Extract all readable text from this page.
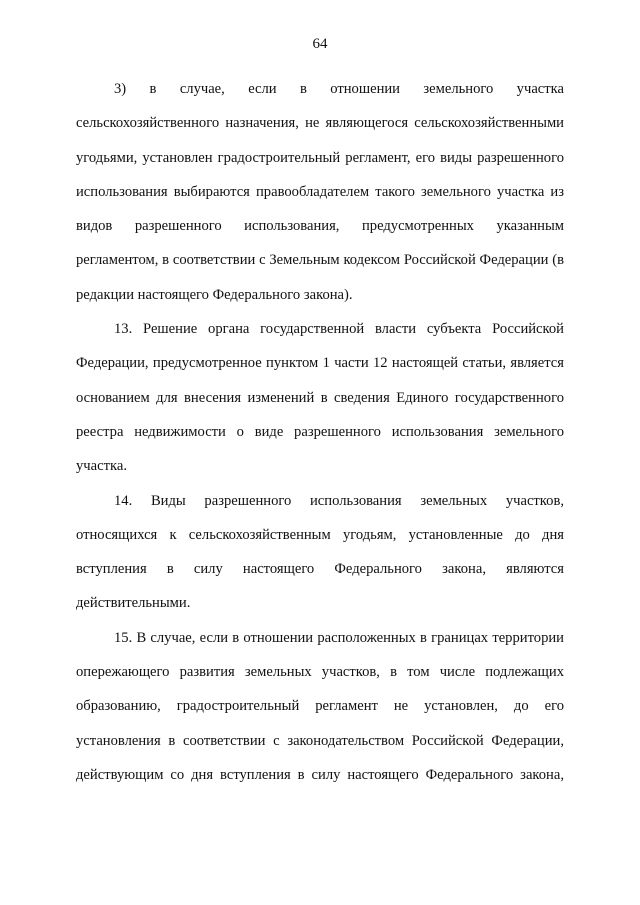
64

3) в случае, если в отношении земельного участка сельскохозяйственного назначения, не являющегося сельскохозяйственными угодьями, установлен градостроительный регламент, его виды разрешенного использования выбираются правообладателем такого земельного участка из видов разрешенного использования, предусмотренных указанным регламентом, в соответствии с Земельным кодексом Российской Федерации (в редакции настоящего Федерального закона).

13. Решение органа государственной власти субъекта Российской Федерации, предусмотренное пунктом 1 части 12 настоящей статьи, является основанием для внесения изменений в сведения Единого государственного реестра недвижимости о виде разрешенного использования земельного участка.

14. Виды разрешенного использования земельных участков, относящихся к сельскохозяйственным угодьям, установленные до дня вступления в силу настоящего Федерального закона, являются действительными.

15. В случае, если в отношении расположенных в границах территории опережающего развития земельных участков, в том числе подлежащих образованию, градостроительный регламент не установлен, до его установления в соответствии с законодательством Российской Федерации, действующим со дня вступления в силу настоящего Федерального закона,
